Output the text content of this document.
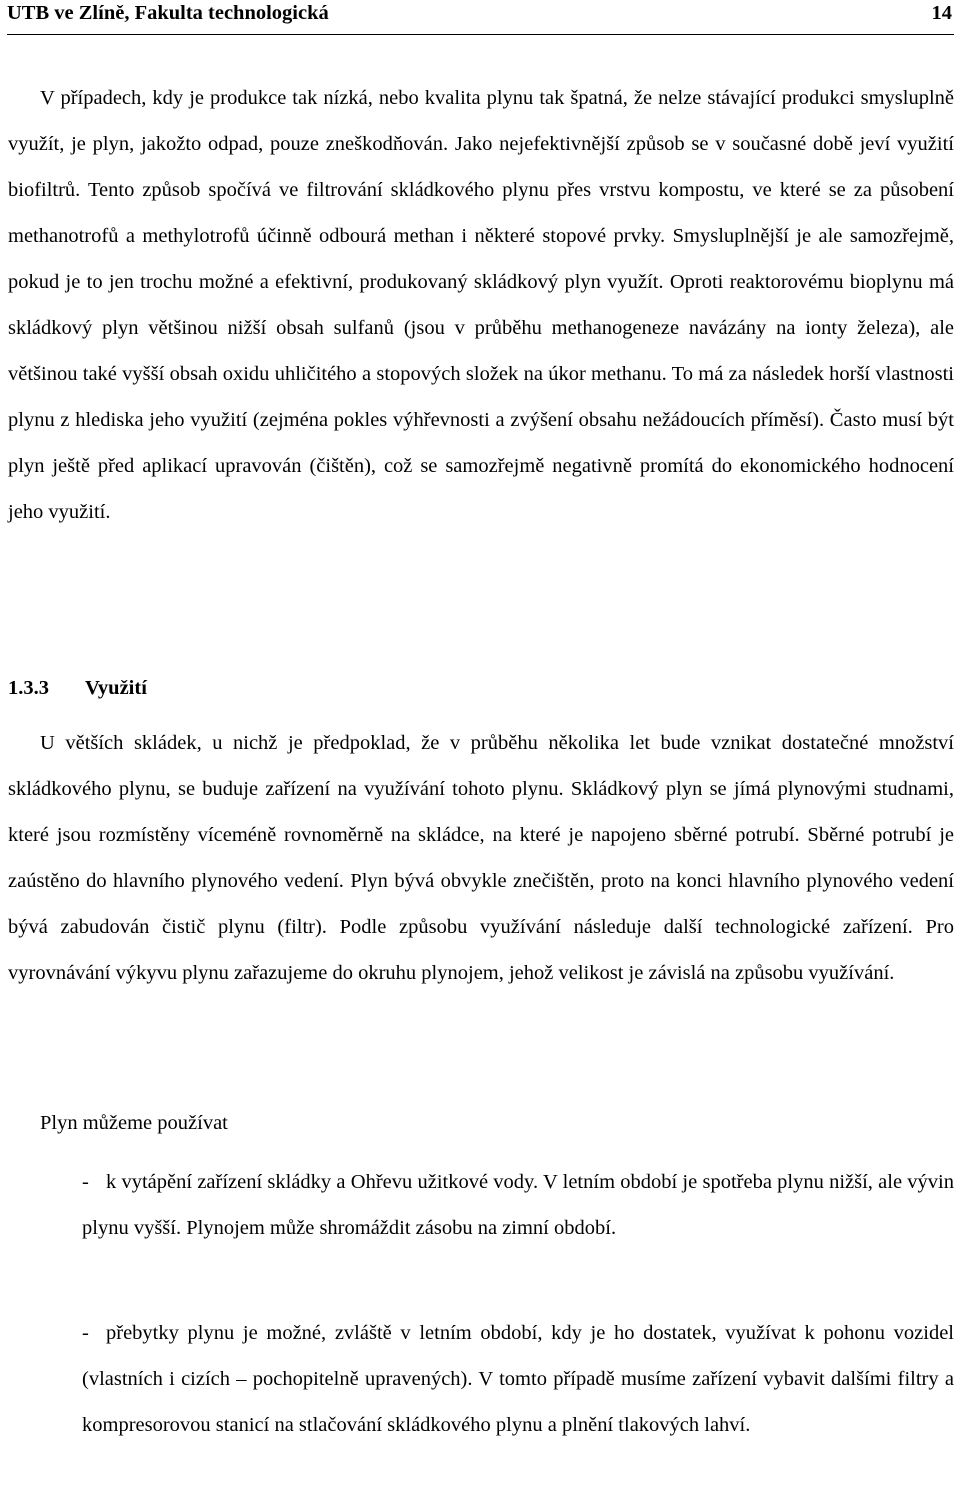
UTB ve Zlíně, Fakulta technologická	14

V případech, kdy je produkce tak nízká, nebo kvalita plynu tak špatná, že nelze stávající produkci smysluplně využít, je plyn, jakožto odpad, pouze zneškodňován. Jako nejefektivnější způsob se v současné době jeví využití biofiltrů. Tento způsob spočívá ve filtrování skládkového plynu přes vrstvu kompostu, ve které se za působení methanotrofů a methylotrofů účinně odbourá methan i některé stopové prvky. Smysluplnější je ale samozřejmě, pokud je to jen trochu možné a efektivní, produkovaný skládkový plyn využít. Oproti reaktorovému bioplynu má skládkový plyn většinou nižší obsah sulfanů (jsou v průběhu methanogeneze navázány na ionty železa), ale většinou také vyšší obsah oxidu uhličitého a stopových složek na úkor methanu. To má za následek horší vlastnosti plynu z hlediska jeho využití (zejména pokles výhřevnosti a zvýšení obsahu nežádoucích příměsí). Často musí být plyn ještě před aplikací upravován (čištěn), což se samozřejmě negativně promítá do ekonomického hodnocení jeho využití.

1.3.3 Využití

U větších skládek, u nichž je předpoklad, že v průběhu několika let bude vznikat dostatečné množství skládkového plynu, se buduje zařízení na využívání tohoto plynu. Skládkový plyn se jímá plynovými studnami, které jsou rozmístěny víceméně rovnoměrně na skládce, na které je napojeno sběrné potrubí. Sběrné potrubí je zaústěno do hlavního plynového vedení. Plyn bývá obvykle znečištěn, proto na konci hlavního plynového vedení bývá zabudován čistič plynu (filtr). Podle způsobu využívání následuje další technologické zařízení. Pro vyrovnávání výkyvu plynu zařazujeme do okruhu plynojem, jehož velikost je závislá na způsobu využívání.

Plyn můžeme používat

- k vytápění zařízení skládky a Ohřevu užitkové vody. V letním období je spotřeba plynu nižší, ale vývin plynu vyšší. Plynojem může shromáždit zásobu na zimní období.

- přebytky plynu je možné, zvláště v letním období, kdy je ho dostatek, využívat k pohonu vozidel (vlastních i cizích – pochopitelně upravených). V tomto případě musíme zařízení vybavit dalšími filtry a kompresorovou stanicí na stlačování skládkového plynu a plnění tlakových lahví.
